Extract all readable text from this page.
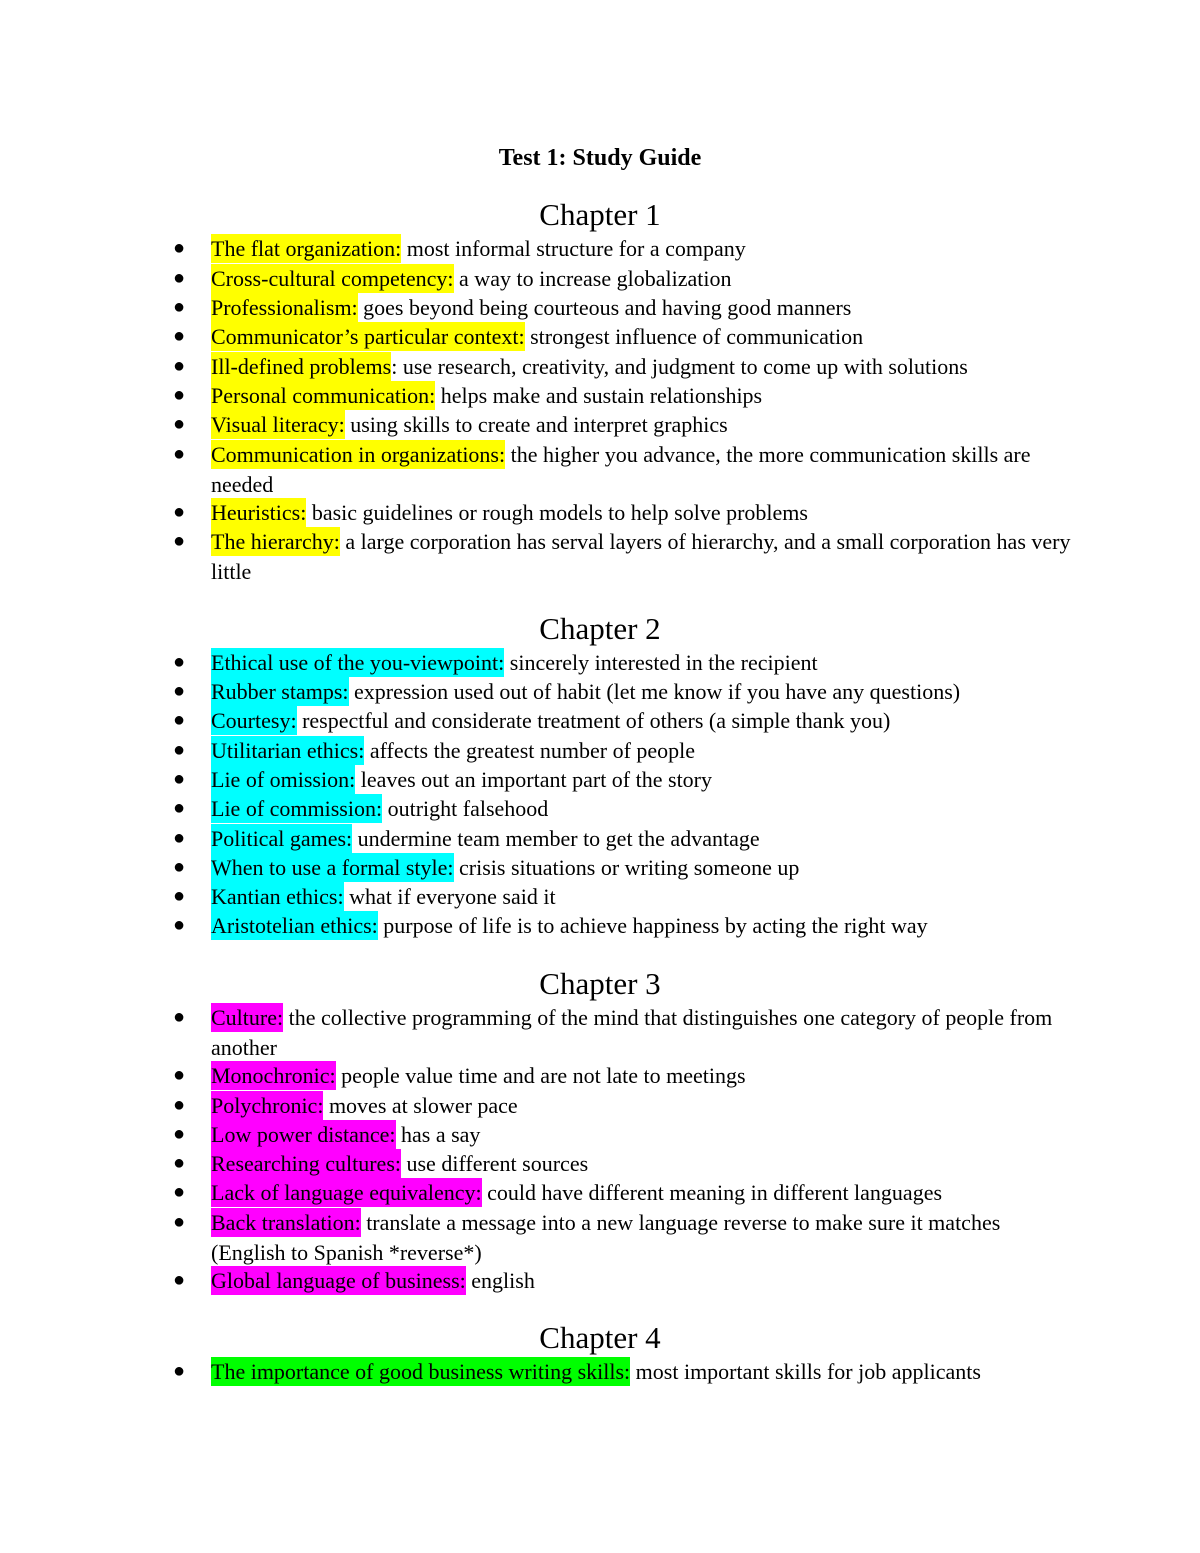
Test 1: Study Guide
Chapter 1
● The flat organization: most informal structure for a company
● Cross-cultural competency: a way to increase globalization
● Professionalism: goes beyond being courteous and having good manners
● Communicator’s particular context: strongest influence of communication
● Ill-defined problems: use research, creativity, and judgment to come up with solutions
● Personal communication: helps make and sustain relationships
● Visual literacy: using skills to create and interpret graphics
● Communication in organizations: the higher you advance, the more communication skills are needed
● Heuristics: basic guidelines or rough models to help solve problems
● The hierarchy: a large corporation has serval layers of hierarchy, and a small corporation has very little
Chapter 2
● Ethical use of the you-viewpoint: sincerely interested in the recipient
● Rubber stamps: expression used out of habit (let me know if you have any questions)
● Courtesy: respectful and considerate treatment of others (a simple thank you)
● Utilitarian ethics: affects the greatest number of people
● Lie of omission: leaves out an important part of the story
● Lie of commission: outright falsehood
● Political games: undermine team member to get the advantage
● When to use a formal style: crisis situations or writing someone up
● Kantian ethics: what if everyone said it
● Aristotelian ethics: purpose of life is to achieve happiness by acting the right way
Chapter 3
● Culture: the collective programming of the mind that distinguishes one category of people from another
● Monochronic: people value time and are not late to meetings
● Polychronic: moves at slower pace
● Low power distance: has a say
● Researching cultures: use different sources
● Lack of language equivalency: could have different meaning in different languages
● Back translation: translate a message into a new language reverse to make sure it matches (English to Spanish *reverse*)
● Global language of business: english
Chapter 4
● The importance of good business writing skills: most important skills for job applicants
